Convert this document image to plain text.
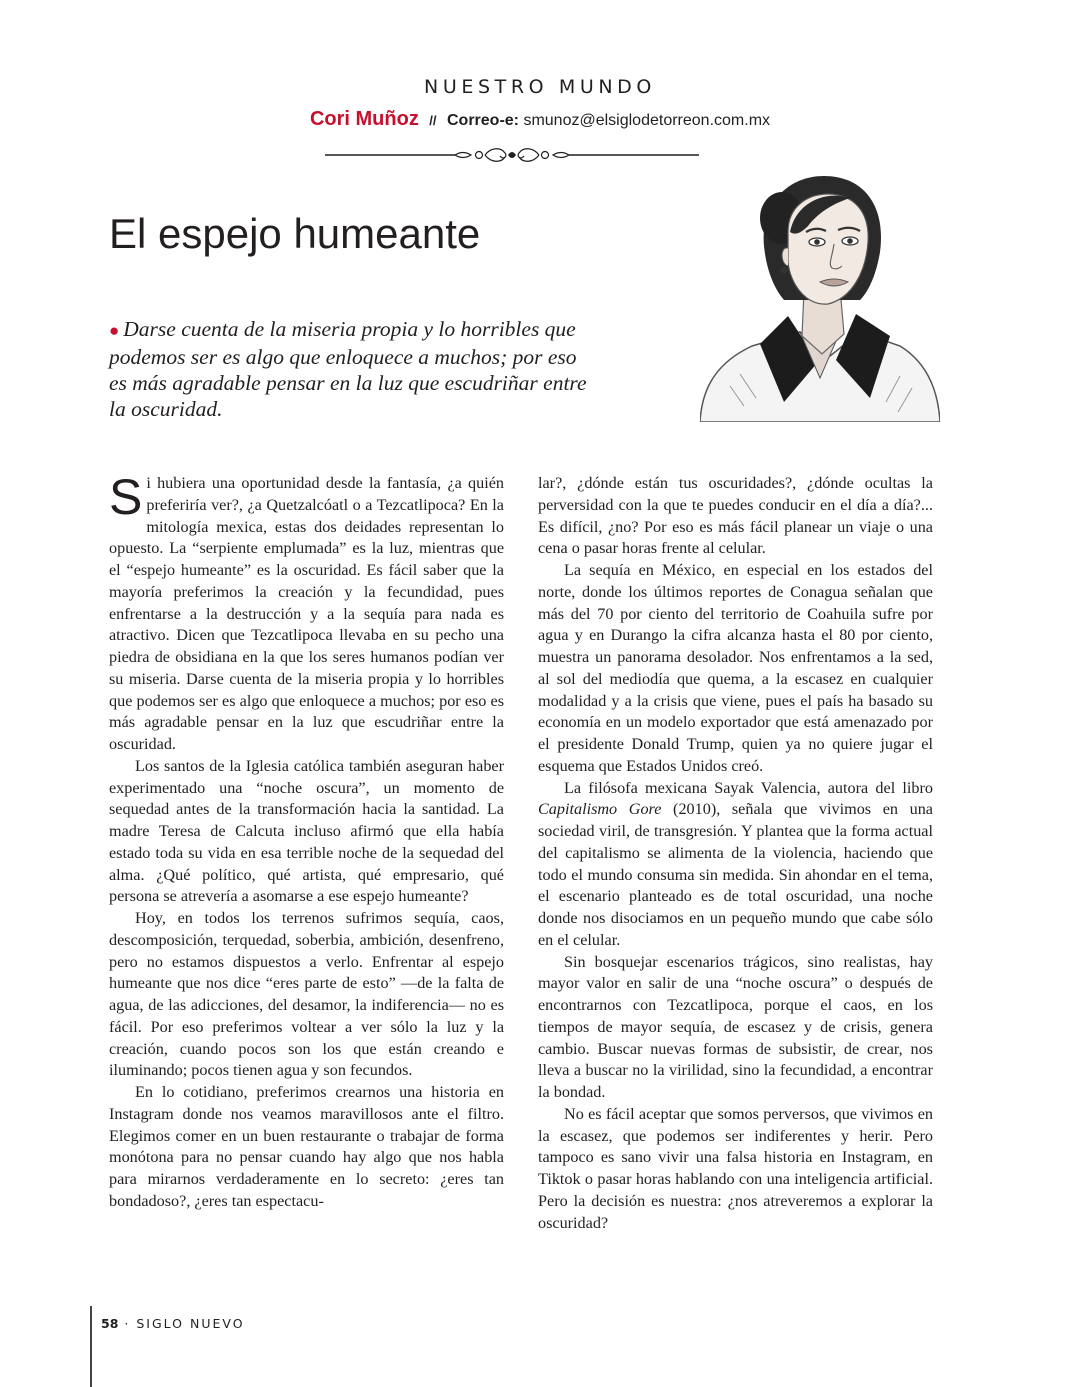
NUESTRO MUNDO
Cori Muñoz // Correo-e: smunoz@elsiglodetorreon.com.mx
El espejo humeante

● Darse cuenta de la miseria propia y lo horribles que podemos ser es algo que enloquece a muchos; por eso es más agradable pensar en la luz que escudriñar entre la oscuridad.

Si hubiera una oportunidad desde la fantasía, ¿a quién preferiría ver?, ¿a Quetzalcóatl o a Tezcatlipoca? En la mitología mexica, estas dos deidades representan lo opuesto. La “serpiente emplumada” es la luz, mientras que el “espejo humeante” es la oscuridad. Es fácil saber que la mayoría preferimos la creación y la fecundidad, pues enfrentarse a la destrucción y a la sequía para nada es atractivo. Dicen que Tezcatlipoca llevaba en su pecho una piedra de obsidiana en la que los seres humanos podían ver su miseria. Darse cuenta de la miseria propia y lo horribles que podemos ser es algo que enloquece a muchos; por eso es más agradable pensar en la luz que escudriñar entre la oscuridad.

Los santos de la Iglesia católica también aseguran haber experimentado una “noche oscura”, un momento de sequedad antes de la transformación hacia la santidad. La madre Teresa de Calcuta incluso afirmó que ella había estado toda su vida en esa terrible noche de la sequedad del alma. ¿Qué político, qué artista, qué empresario, qué persona se atrevería a asomarse a ese espejo humeante?

Hoy, en todos los terrenos sufrimos sequía, caos, descomposición, terquedad, soberbia, ambición, desenfreno, pero no estamos dispuestos a verlo. Enfrentar al espejo humeante que nos dice “eres parte de esto” —de la falta de agua, de las adicciones, del desamor, la indiferencia— no es fácil. Por eso preferimos voltear a ver sólo la luz y la creación, cuando pocos son los que están creando e iluminando; pocos tienen agua y son fecundos.

En lo cotidiano, preferimos crearnos una historia en Instagram donde nos veamos maravillosos ante el filtro. Elegimos comer en un buen restaurante o trabajar de forma monótona para no pensar cuando hay algo que nos habla para mirarnos verdaderamente en lo secreto: ¿eres tan bondadoso?, ¿eres tan espectacu-

lar?, ¿dónde están tus oscuridades?, ¿dónde ocultas la perversidad con la que te puedes conducir en el día a día?... Es difícil, ¿no? Por eso es más fácil planear un viaje o una cena o pasar horas frente al celular.

La sequía en México, en especial en los estados del norte, donde los últimos reportes de Conagua señalan que más del 70 por ciento del territorio de Coahuila sufre por agua y en Durango la cifra alcanza hasta el 80 por ciento, muestra un panorama desolador. Nos enfrentamos a la sed, al sol del mediodía que quema, a la escasez en cualquier modalidad y a la crisis que viene, pues el país ha basado su economía en un modelo exportador que está amenazado por el presidente Donald Trump, quien ya no quiere jugar el esquema que Estados Unidos creó.

La filósofa mexicana Sayak Valencia, autora del libro Capitalismo Gore (2010), señala que vivimos en una sociedad viril, de transgresión. Y plantea que la forma actual del capitalismo se alimenta de la violencia, haciendo que todo el mundo consuma sin medida. Sin ahondar en el tema, el escenario planteado es de total oscuridad, una noche donde nos disociamos en un pequeño mundo que cabe sólo en el celular.

Sin bosquejar escenarios trágicos, sino realistas, hay mayor valor en salir de una “noche oscura” o después de encontrarnos con Tezcatlipoca, porque el caos, en los tiempos de mayor sequía, de escasez y de crisis, genera cambio. Buscar nuevas formas de subsistir, de crear, nos lleva a buscar no la virilidad, sino la fecundidad, a encontrar la bondad.

No es fácil aceptar que somos perversos, que vivimos en la escasez, que podemos ser indiferentes y herir. Pero tampoco es sano vivir una falsa historia en Instagram, en Tiktok o pasar horas hablando con una inteligencia artificial. Pero la decisión es nuestra: ¿nos atreveremos a explorar la oscuridad?

58 · SIGLO NUEVO
